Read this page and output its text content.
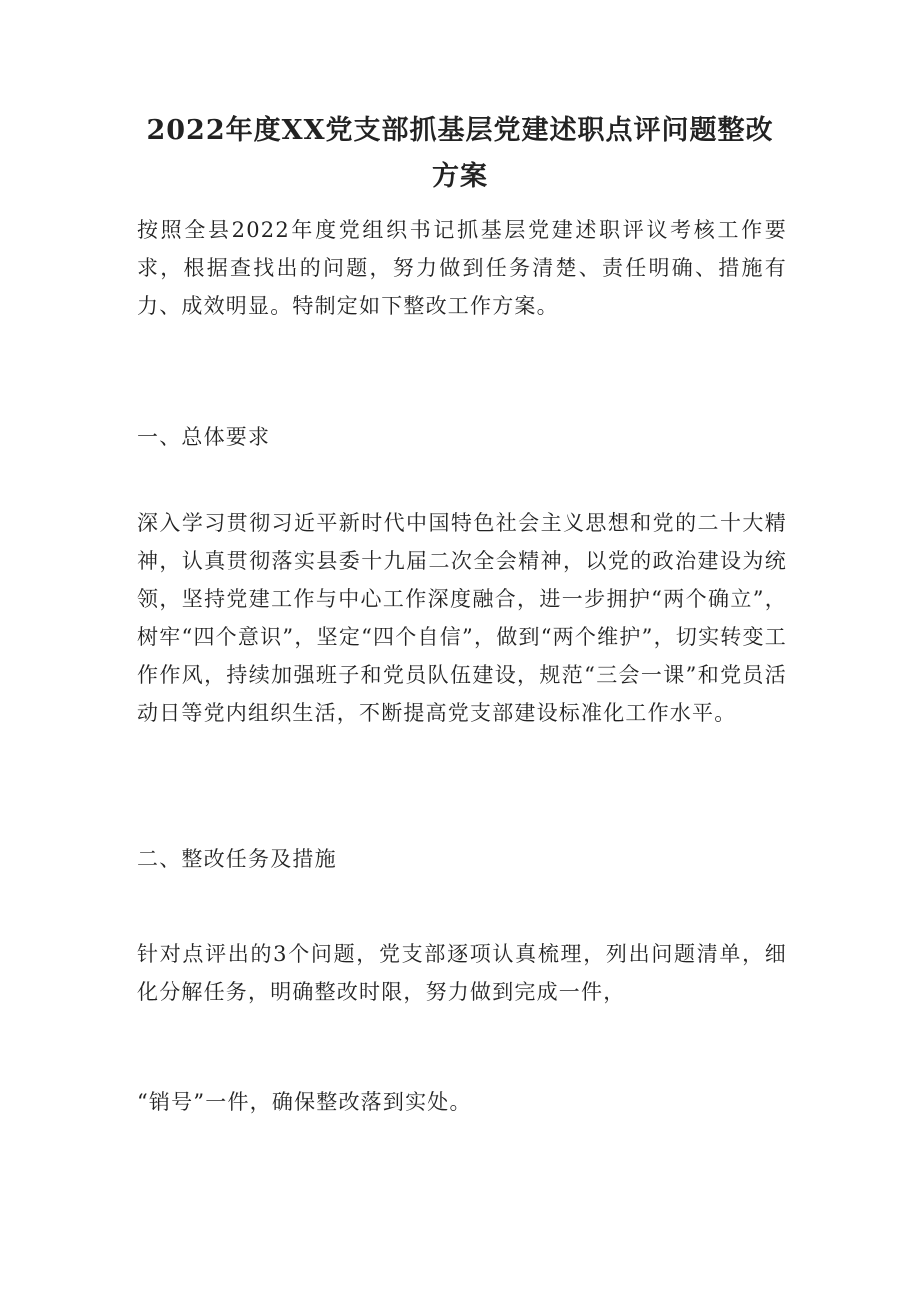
2022年度XX党支部抓基层党建述职点评问题整改方案

按照全县2022年度党组织书记抓基层党建述职评议考核工作要求，根据查找出的问题，努力做到任务清楚、责任明确、措施有力、成效明显。特制定如下整改工作方案。

一、总体要求

深入学习贯彻习近平新时代中国特色社会主义思想和党的二十大精神，认真贯彻落实县委十九届二次全会精神，以党的政治建设为统领，坚持党建工作与中心工作深度融合，进一步拥护“两个确立”，树牢“四个意识”，坚定“四个自信”，做到“两个维护”，切实转变工作作风，持续加强班子和党员队伍建设，规范“三会一课”和党员活动日等党内组织生活，不断提高党支部建设标准化工作水平。

二、整改任务及措施

针对点评出的3个问题，党支部逐项认真梳理，列出问题清单，细化分解任务，明确整改时限，努力做到完成一件，

“销号”一件，确保整改落到实处。
